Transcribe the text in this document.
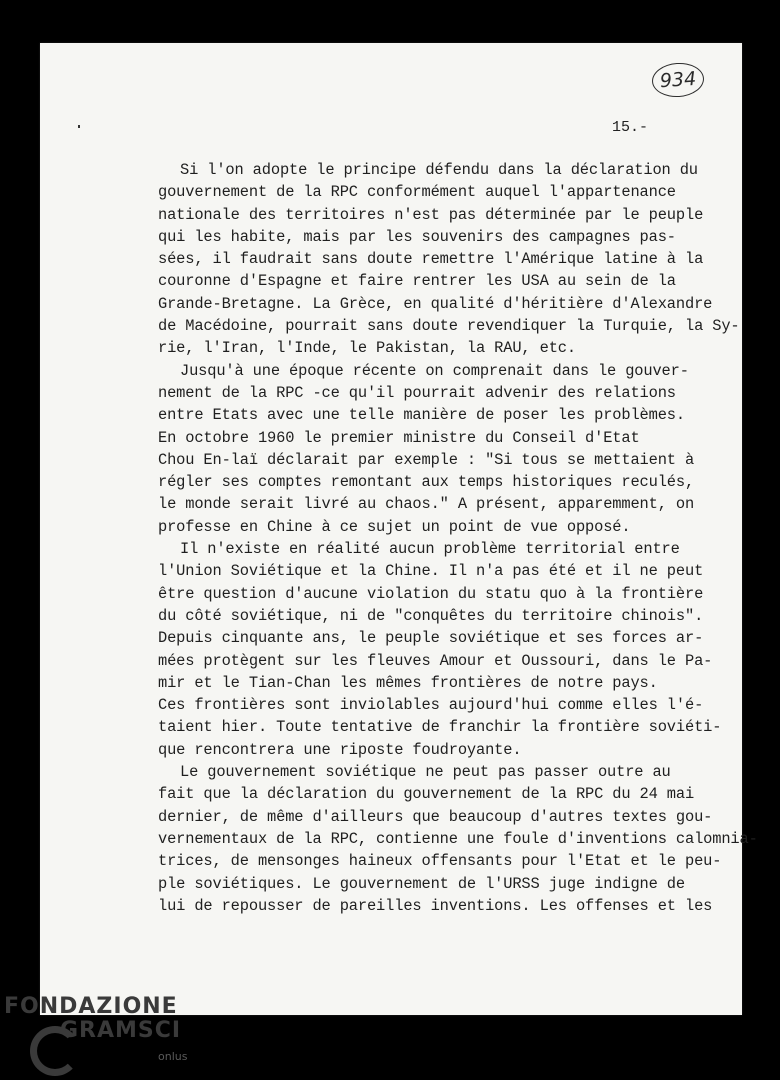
934
15.-
Si l'on adopte le principe défendu dans la déclaration du
gouvernement de la RPC conformément auquel l'appartenance
nationale des territoires n'est pas déterminée par le peuple
qui les habite, mais par les souvenirs des campagnes pas-
sées, il faudrait sans doute remettre l'Amérique latine à la
couronne d'Espagne et faire rentrer les USA au sein de la
Grande-Bretagne. La Grèce, en qualité d'héritière d'Alexandre
de Macédoine, pourrait sans doute revendiquer la Turquie, la Sy-
rie, l'Iran, l'Inde, le Pakistan, la RAU, etc.
Jusqu'à une époque récente on comprenait dans le gouver-
nement de la RPC -ce qu'il pourrait advenir des relations
entre Etats avec une telle manière de poser les problèmes.
En octobre 1960 le premier ministre du Conseil d'Etat
Chou En-laï déclarait par exemple : "Si tous se mettaient à
régler ses comptes remontant aux temps historiques reculés,
le monde serait livré au chaos." A présent, apparemment, on
professe en Chine à ce sujet un point de vue opposé.
Il n'existe en réalité aucun problème territorial entre
l'Union Soviétique et la Chine. Il n'a pas été et il ne peut
être question d'aucune violation du statu quo à la frontière
du côté soviétique, ni de "conquêtes du territoire chinois".
Depuis cinquante ans, le peuple soviétique et ses forces ar-
mées protègent sur les fleuves Amour et Oussouri, dans le Pa-
mir et le Tian-Chan les mêmes frontières de notre pays.
Ces frontières sont inviolables aujourd'hui comme elles l'é-
taient hier. Toute tentative de franchir la frontière soviéti-
que rencontrera une riposte foudroyante.
Le gouvernement soviétique ne peut pas passer outre au
fait que la déclaration du gouvernement de la RPC du 24 mai
dernier, de même d'ailleurs que beaucoup d'autres textes gou-
vernementaux de la RPC, contienne une foule d'inventions calomnia-
trices, de mensonges haineux offensants pour l'Etat et le peu-
ple soviétiques. Le gouvernement de l'URSS juge indigne de
lui de repousser de pareilles inventions. Les offenses et les
FONDAZIONE
GRAMSCI
onlus
